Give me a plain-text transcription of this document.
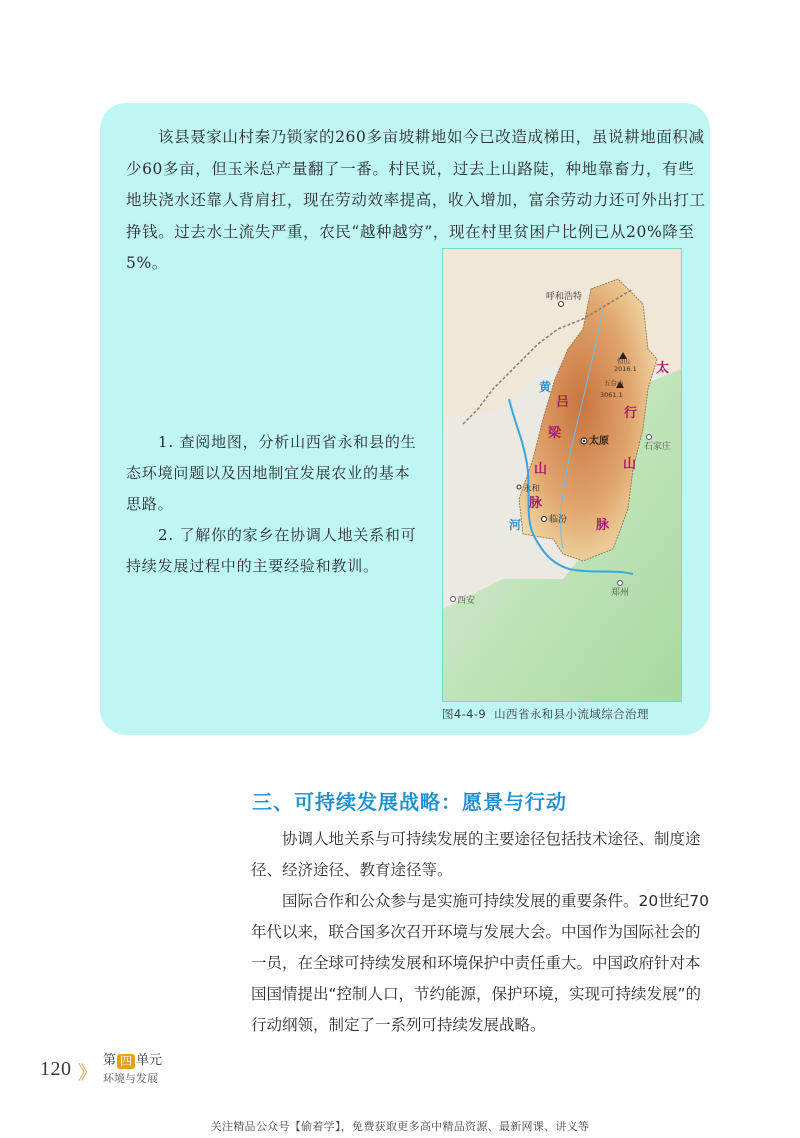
该县聂家山村秦乃锁家的260多亩坡耕地如今已改造成梯田，虽说耕地面积减少60多亩，但玉米总产量翻了一番。村民说，过去上山路陡，种地靠畜力，有些地块浇水还靠人背肩扛，现在劳动效率提高，收入增加，富余劳动力还可外出打工挣钱。过去水土流失严重，农民“越种越穷”，现在村里贫困户比例已从20%降至5%。

1. 查阅地图，分析山西省永和县的生态环境问题以及因地制宜发展农业的基本思路。

2. 了解你的家乡在协调人地关系和可持续发展过程中的主要经验和教训。

呼和浩特
恒山
2016.1
五台山
3061.1
太原	石家庄
永和
临汾
西安
郑州
太
行
山
脉
吕
梁
山
脉
黄
河
图4-4-9 山西省永和县小流域综合治理
三、可持续发展战略：愿景与行动

协调人地关系与可持续发展的主要途径包括技术途径、制度途径、经济途径、教育途径等。

国际合作和公众参与是实施可持续发展的重要条件。20世纪70年代以来，联合国多次召开环境与发展大会。中国作为国际社会的一员，在全球可持续发展和环境保护中责任重大。中国政府针对本国国情提出“控制人口，节约能源，保护环境，实现可持续发展”的行动纲领，制定了一系列可持续发展战略。

120 》
第 四 单元
环境与发展
关注精品公众号【偷着学】，免费获取更多高中精品资源、最新网课、讲义等
